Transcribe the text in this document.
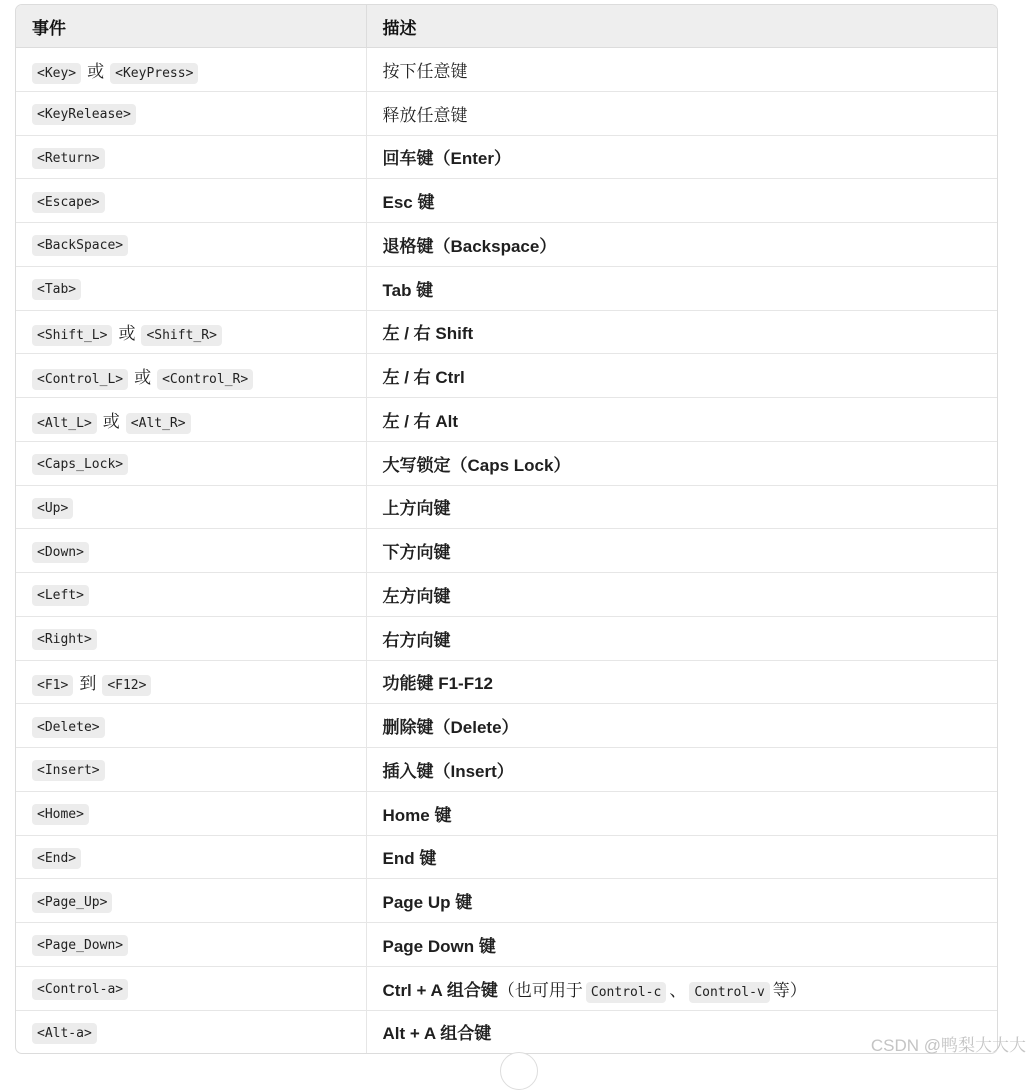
事件	描述
<Key> 或 <KeyPress>	按下任意键
<KeyRelease>	释放任意键
<Return>	回车键（Enter）
<Escape>	Esc 键
<BackSpace>	退格键（Backspace）
<Tab>	Tab 键
<Shift_L> 或 <Shift_R>	左 / 右 Shift
<Control_L> 或 <Control_R>	左 / 右 Ctrl
<Alt_L> 或 <Alt_R>	左 / 右 Alt
<Caps_Lock>	大写锁定（Caps Lock）
<Up>	上方向键
<Down>	下方向键
<Left>	左方向键
<Right>	右方向键
<F1> 到 <F12>	功能键 F1-F12
<Delete>	删除键（Delete）
<Insert>	插入键（Insert）
<Home>	Home 键
<End>	End 键
<Page_Up>	Page Up 键
<Page_Down>	Page Down 键
<Control-a>	Ctrl + A 组合键（也可用于 Control-c 、 Control-v 等）
<Alt-a>	Alt + A 组合键
CSDN @鸭梨大大大
